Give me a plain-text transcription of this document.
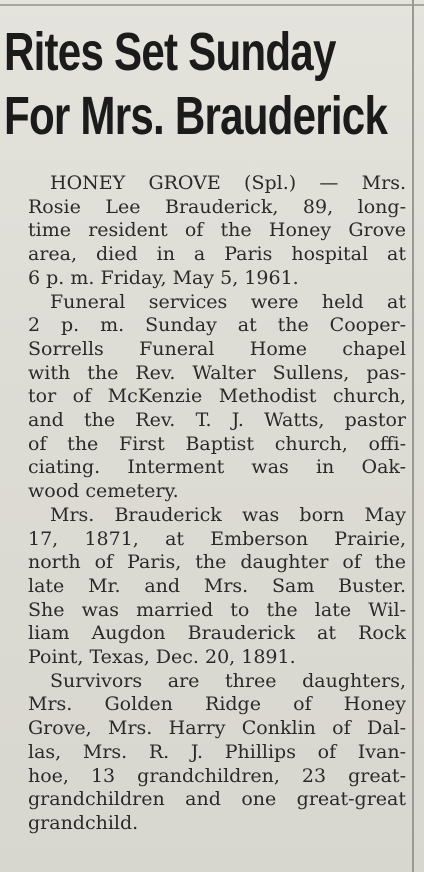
Rites Set Sunday
For Mrs. Brauderick
HONEY GROVE (Spl.) — Mrs.
Rosie Lee Brauderick, 89, long-
time resident of the Honey Grove
area, died in a Paris hospital at
6 p. m. Friday, May 5, 1961.
Funeral services were held at
2 p. m. Sunday at the Cooper-
Sorrells Funeral Home chapel
with the Rev. Walter Sullens, pas-
tor of McKenzie Methodist church,
and the Rev. T. J. Watts, pastor
of the First Baptist church, offi-
ciating. Interment was in Oak-
wood cemetery.
Mrs. Brauderick was born May
17, 1871, at Emberson Prairie,
north of Paris, the daughter of the
late Mr. and Mrs. Sam Buster.
She was married to the late Wil-
liam Augdon Brauderick at Rock
Point, Texas, Dec. 20, 1891.
Survivors are three daughters,
Mrs. Golden Ridge of Honey
Grove, Mrs. Harry Conklin of Dal-
las, Mrs. R. J. Phillips of Ivan-
hoe, 13 grandchildren, 23 great-
grandchildren and one great-great
grandchild.
